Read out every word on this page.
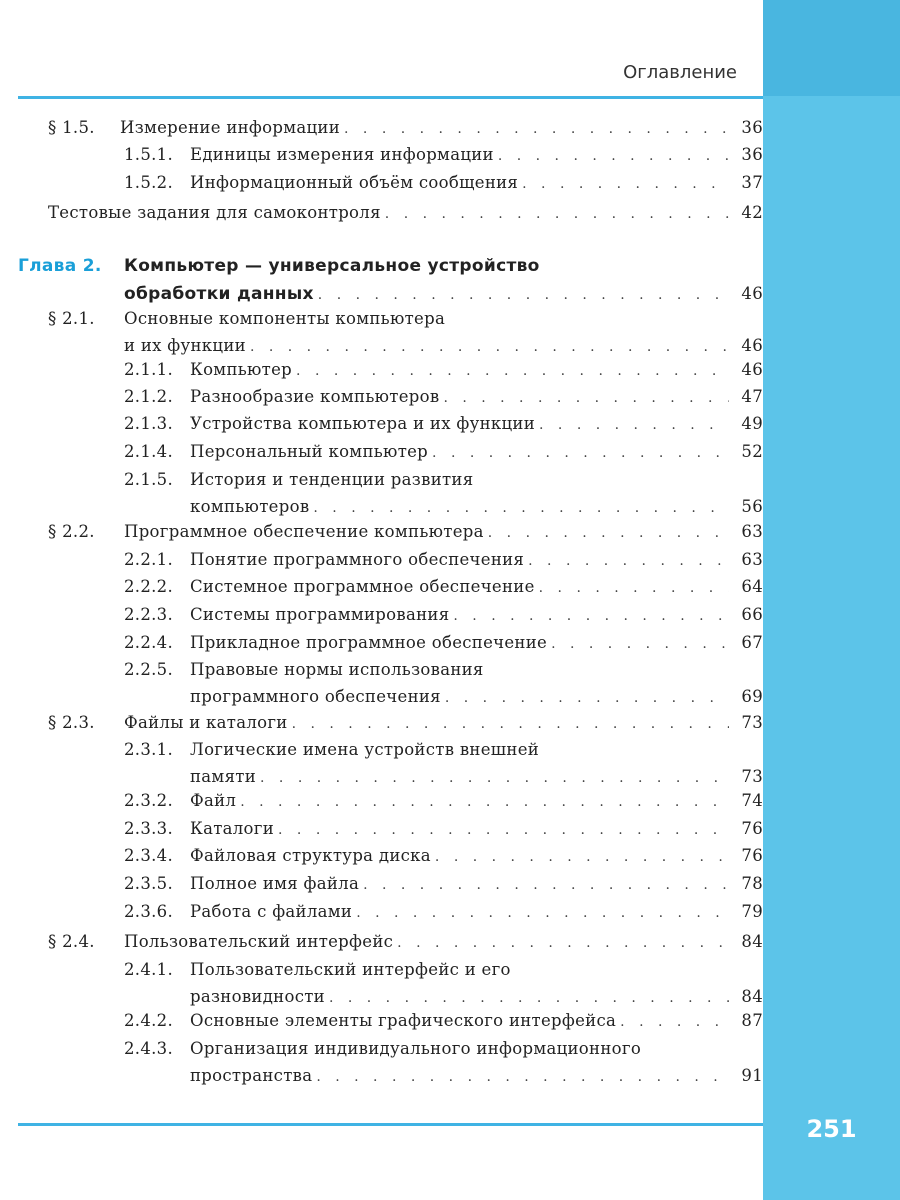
Оглавление
§ 1.5.	Измерение информации . . .	36
1.5.1.	Единицы измерения информации . . .	36
1.5.2.	Информационный объём сообщения . . .	37
Тестовые задания для самоконтроля . . .	42
Глава 2.	Компьютер — универсальное устройство
обработки данных . . .	46
§ 2.1.	Основные компоненты компьютера
и их функции . . .	46
2.1.1.	Компьютер . . .	46
2.1.2.	Разнообразие компьютеров . . .	47
2.1.3.	Устройства компьютера и их функции . . .	49
2.1.4.	Персональный компьютер . . .	52
2.1.5.	История и тенденции развития
компьютеров . . .	56
§ 2.2.	Программное обеспечение компьютера . . .	63
2.2.1.	Понятие программного обеспечения . . .	63
2.2.2.	Системное программное обеспечение . . .	64
2.2.3.	Системы программирования . . .	66
2.2.4.	Прикладное программное обеспечение . . .	67
2.2.5.	Правовые нормы использования
программного обеспечения . . .	69
§ 2.3.	Файлы и каталоги . . .	73
2.3.1.	Логические имена устройств внешней
памяти . . .	73
2.3.2.	Файл . . .	74
2.3.3.	Каталоги . . .	76
2.3.4.	Файловая структура диска . . .	76
2.3.5.	Полное имя файла . . .	78
2.3.6.	Работа с файлами . . .	79
§ 2.4.	Пользовательский интерфейс . . .	84
2.4.1.	Пользовательский интерфейс и его
разновидности . . .	84
2.4.2.	Основные элементы графического интерфейса . . .	87
2.4.3.	Организация индивидуального информационного
пространства . . .	91
251
